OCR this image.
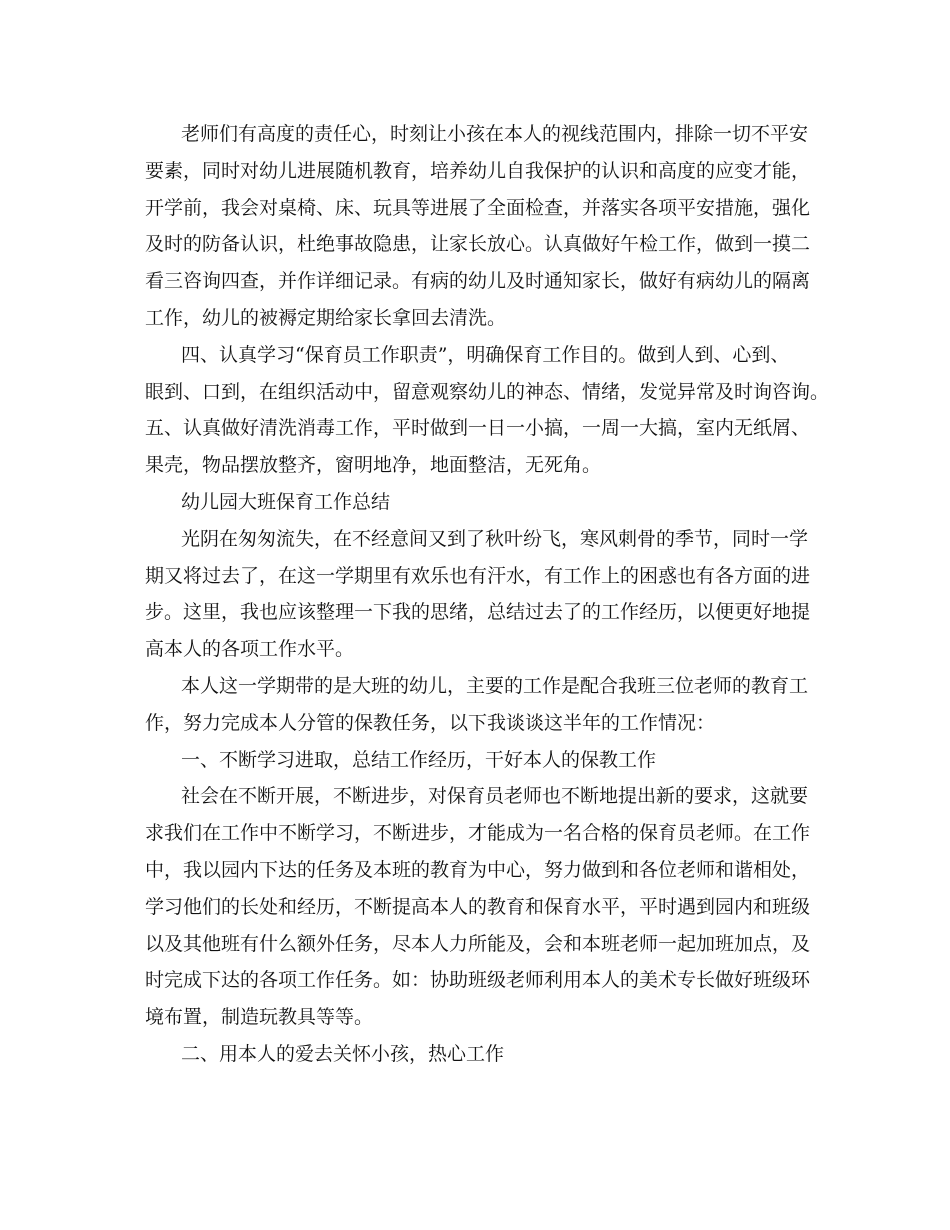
老师们有高度的责任心，时刻让小孩在本人的视线范围内，排除一切不平安
要素，同时对幼儿进展随机教育，培养幼儿自我保护的认识和高度的应变才能，
开学前，我会对桌椅、床、玩具等进展了全面检查，并落实各项平安措施，强化
及时的防备认识，杜绝事故隐患，让家长放心。认真做好午检工作，做到一摸二
看三咨询四查，并作详细记录。有病的幼儿及时通知家长，做好有病幼儿的隔离
工作，幼儿的被褥定期给家长拿回去清洗。
四、认真学习“保育员工作职责”，明确保育工作目的。做到人到、心到、
眼到、口到，在组织活动中，留意观察幼儿的神态、情绪，发觉异常及时询咨询。
五、认真做好清洗消毒工作，平时做到一日一小搞，一周一大搞，室内无纸屑、
果壳，物品摆放整齐，窗明地净，地面整洁，无死角。
幼儿园大班保育工作总结
光阴在匆匆流失，在不经意间又到了秋叶纷飞，寒风刺骨的季节，同时一学
期又将过去了，在这一学期里有欢乐也有汗水，有工作上的困惑也有各方面的进
步。这里，我也应该整理一下我的思绪，总结过去了的工作经历，以便更好地提
高本人的各项工作水平。
本人这一学期带的是大班的幼儿，主要的工作是配合我班三位老师的教育工
作，努力完成本人分管的保教任务，以下我谈谈这半年的工作情况：
一、不断学习进取，总结工作经历，干好本人的保教工作
社会在不断开展，不断进步，对保育员老师也不断地提出新的要求，这就要
求我们在工作中不断学习，不断进步，才能成为一名合格的保育员老师。在工作
中，我以园内下达的任务及本班的教育为中心，努力做到和各位老师和谐相处，
学习他们的长处和经历，不断提高本人的教育和保育水平，平时遇到园内和班级
以及其他班有什么额外任务，尽本人力所能及，会和本班老师一起加班加点，及
时完成下达的各项工作任务。如：协助班级老师利用本人的美术专长做好班级环
境布置，制造玩教具等等。
二、用本人的爱去关怀小孩，热心工作
